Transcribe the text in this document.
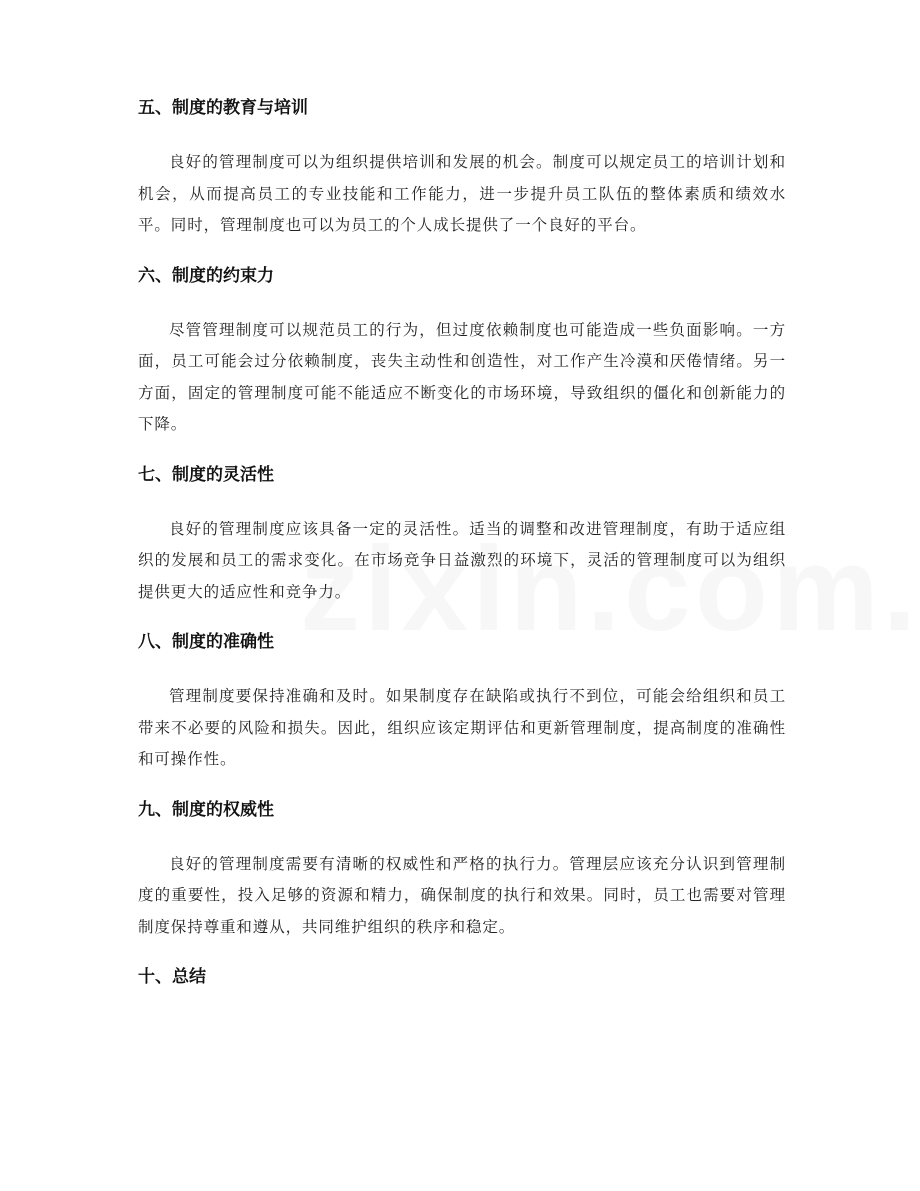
五、制度的教育与培训

良好的管理制度可以为组织提供培训和发展的机会。制度可以规定员工的培训计划和机会，从而提高员工的专业技能和工作能力，进一步提升员工队伍的整体素质和绩效水平。同时，管理制度也可以为员工的个人成长提供了一个良好的平台。

六、制度的约束力

尽管管理制度可以规范员工的行为，但过度依赖制度也可能造成一些负面影响。一方面，员工可能会过分依赖制度，丧失主动性和创造性，对工作产生冷漠和厌倦情绪。另一方面，固定的管理制度可能不能适应不断变化的市场环境，导致组织的僵化和创新能力的下降。

七、制度的灵活性

良好的管理制度应该具备一定的灵活性。适当的调整和改进管理制度，有助于适应组织的发展和员工的需求变化。在市场竞争日益激烈的环境下，灵活的管理制度可以为组织提供更大的适应性和竞争力。

八、制度的准确性

管理制度要保持准确和及时。如果制度存在缺陷或执行不到位，可能会给组织和员工带来不必要的风险和损失。因此，组织应该定期评估和更新管理制度，提高制度的准确性和可操作性。

九、制度的权威性

良好的管理制度需要有清晰的权威性和严格的执行力。管理层应该充分认识到管理制度的重要性，投入足够的资源和精力，确保制度的执行和效果。同时，员工也需要对管理制度保持尊重和遵从，共同维护组织的秩序和稳定。

十、总结
